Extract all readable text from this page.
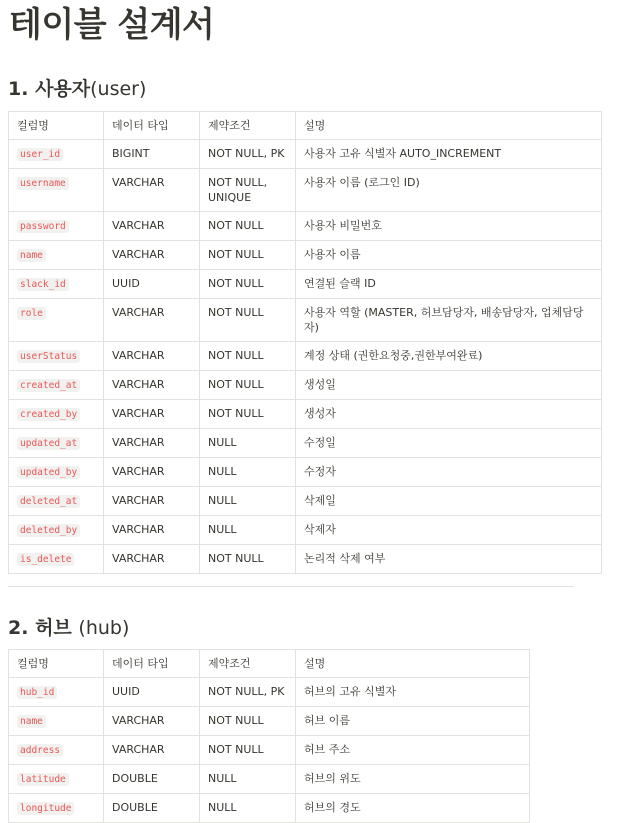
테이블 설계서
1. 사용자(user)
컬럼명	데이터 타입	제약조건	설명
user_id	BIGINT	NOT NULL, PK	사용자 고유 식별자 AUTO_INCREMENT
username	VARCHAR	NOT NULL, UNIQUE	사용자 이름 (로그인 ID)
password	VARCHAR	NOT NULL	사용자 비밀번호
name	VARCHAR	NOT NULL	사용자 이름
slack_id	UUID	NOT NULL	연결된 슬랙 ID
role	VARCHAR	NOT NULL	사용자 역할 (MASTER, 허브담당자, 배송담당자, 업체담당자)
userStatus	VARCHAR	NOT NULL	계정 상태 (권한요청중,권한부여완료)
created_at	VARCHAR	NOT NULL	생성일
created_by	VARCHAR	NOT NULL	생성자
updated_at	VARCHAR	NULL	수정일
updated_by	VARCHAR	NULL	수정자
deleted_at	VARCHAR	NULL	삭제일
deleted_by	VARCHAR	NULL	삭제자
is_delete	VARCHAR	NOT NULL	논리적 삭제 여부
2. 허브 (hub)
컬럼명	데이터 타입	제약조건	설명
hub_id	UUID	NOT NULL, PK	허브의 고유 식별자
name	VARCHAR	NOT NULL	허브 이름
address	VARCHAR	NOT NULL	허브 주소
latitude	DOUBLE	NULL	허브의 위도
longitude	DOUBLE	NULL	허브의 경도
